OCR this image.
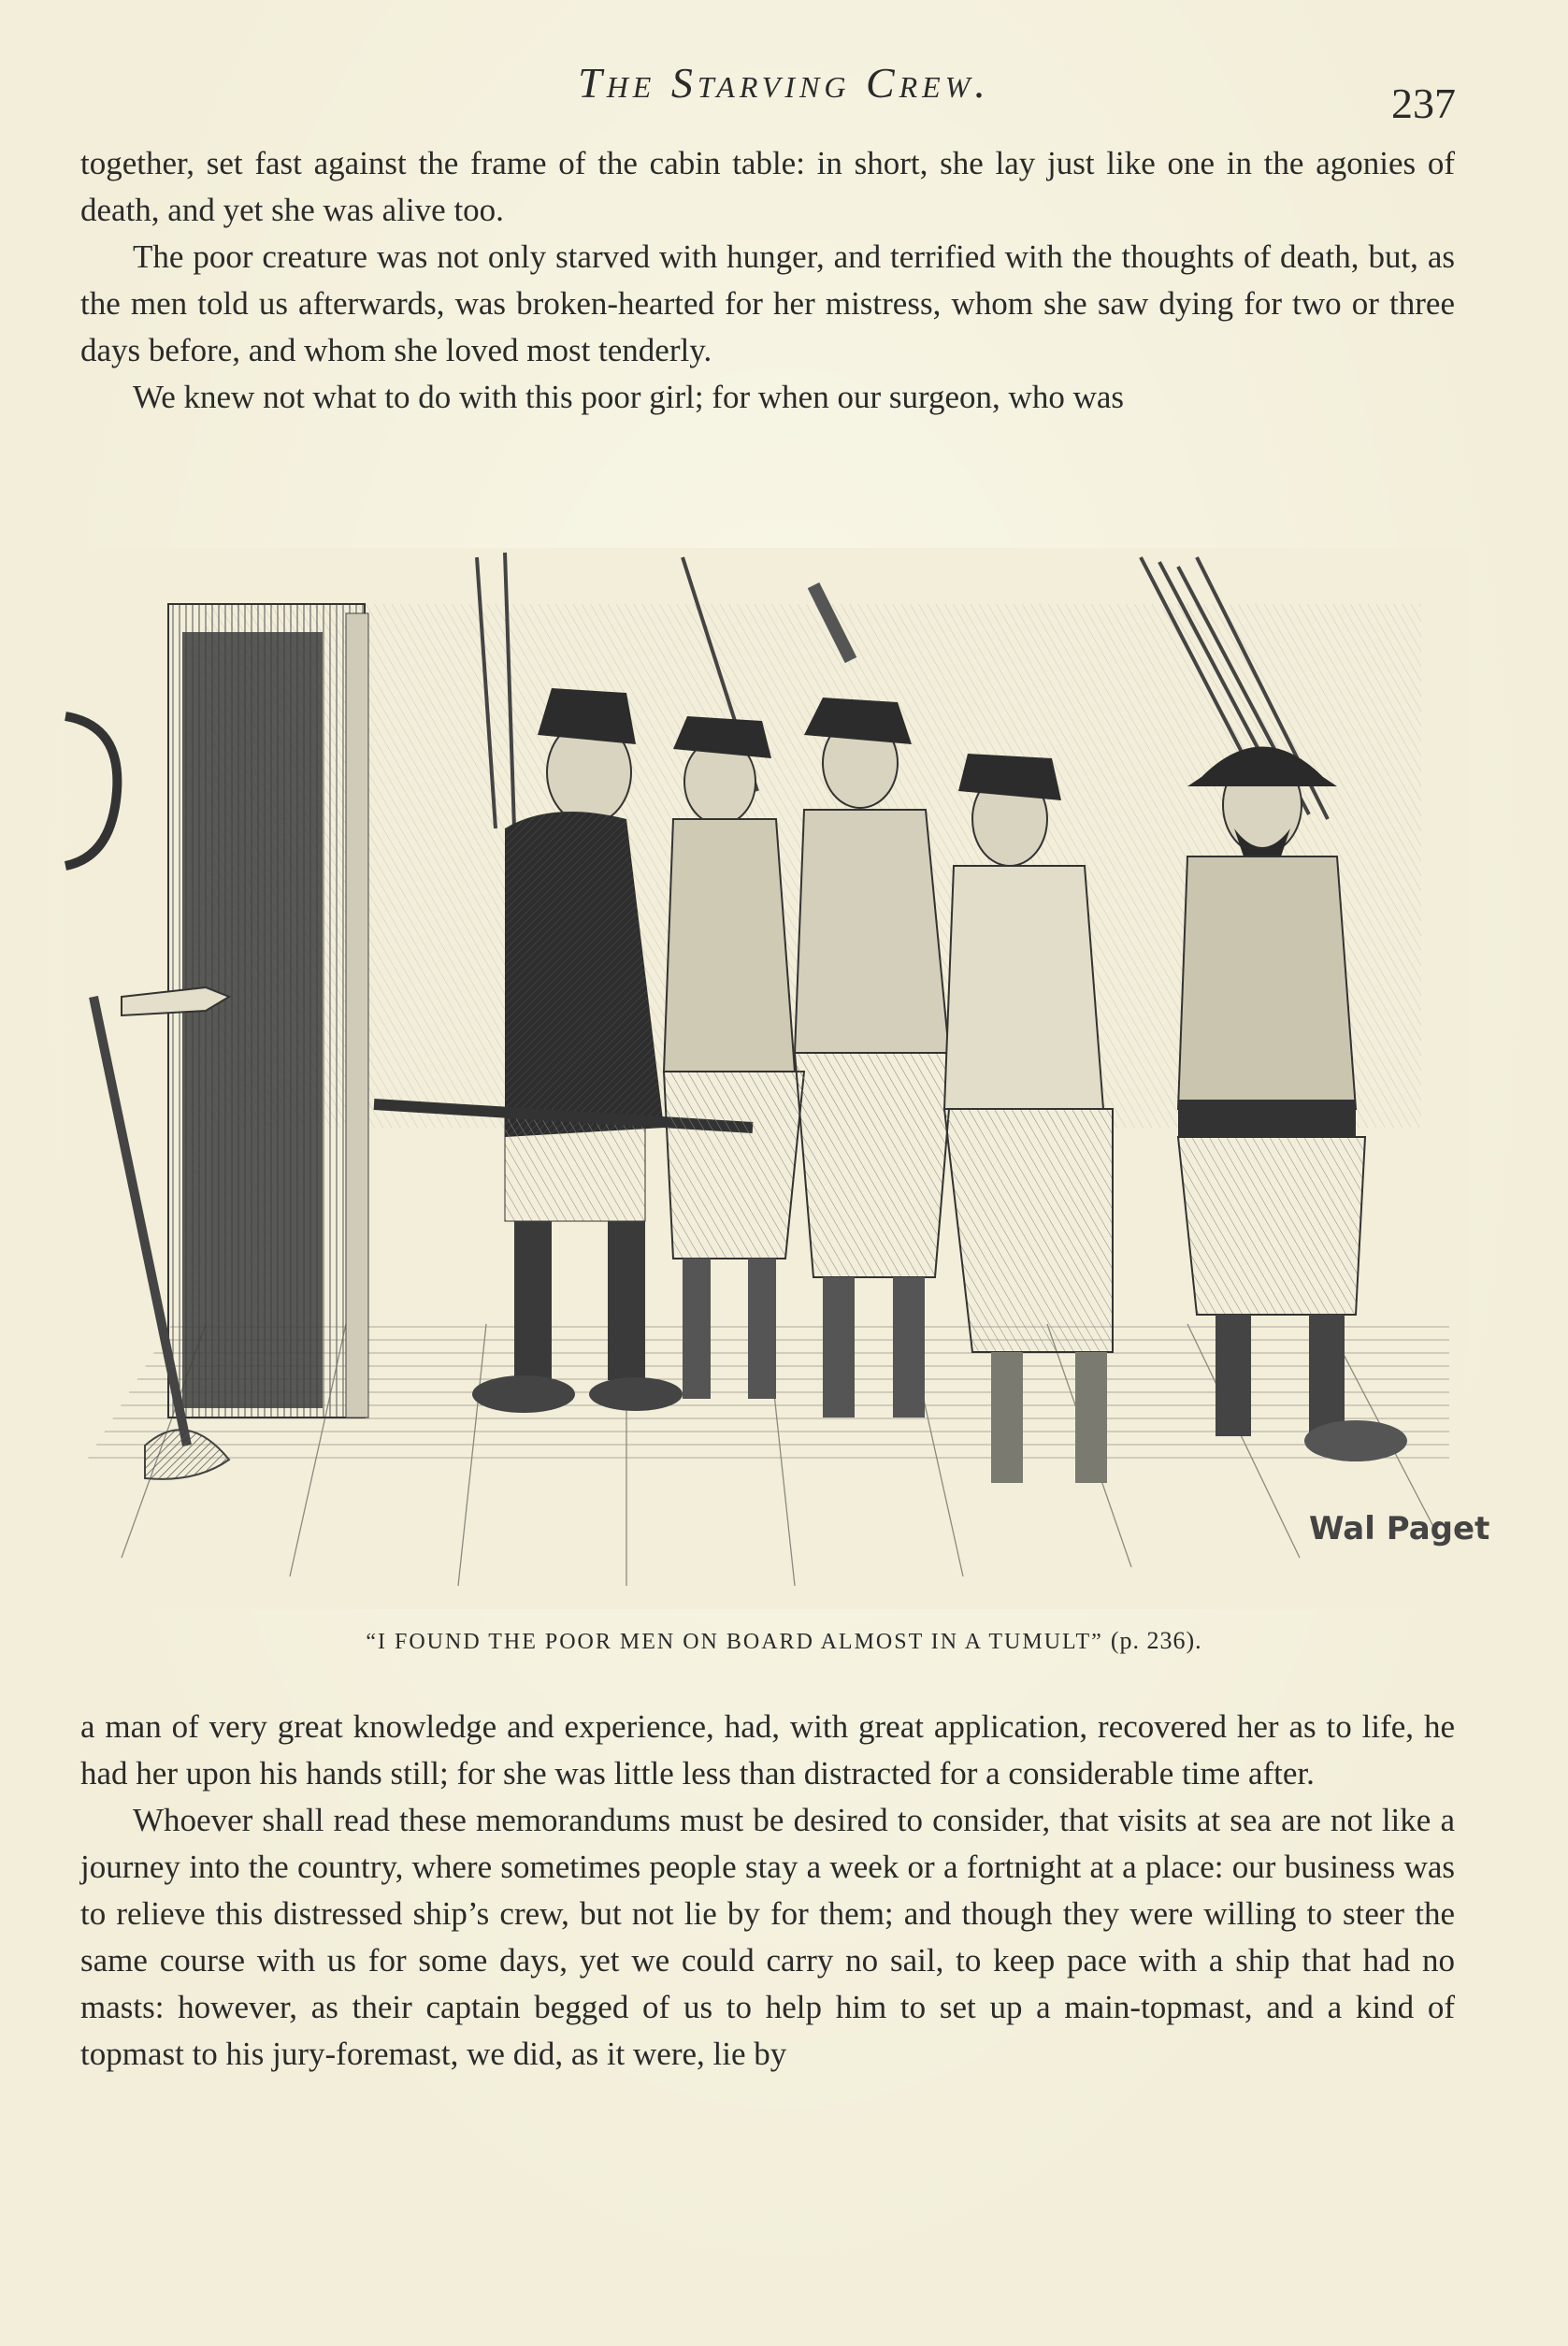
The Starving Crew.	237

together, set fast against the frame of the cabin table: in short, she lay just like one in the agonies of death, and yet she was alive too.

The poor creature was not only starved with hunger, and terrified with the thoughts of death, but, as the men told us afterwards, was broken-hearted for her mistress, whom she saw dying for two or three days before, and whom she loved most tenderly.

We knew not what to do with this poor girl; for when our surgeon, who was

Wal Paget
“I FOUND THE POOR MEN ON BOARD ALMOST IN A TUMULT” (p. 236).

a man of very great knowledge and experience, had, with great application, recovered her as to life, he had her upon his hands still; for she was little less than distracted for a considerable time after.

Whoever shall read these memorandums must be desired to consider, that visits at sea are not like a journey into the country, where sometimes people stay a week or a fortnight at a place: our business was to relieve this distressed ship’s crew, but not lie by for them; and though they were willing to steer the same course with us for some days, yet we could carry no sail, to keep pace with a ship that had no masts: however, as their captain begged of us to help him to set up a main-topmast, and a kind of topmast to his jury-foremast, we did, as it were, lie by
